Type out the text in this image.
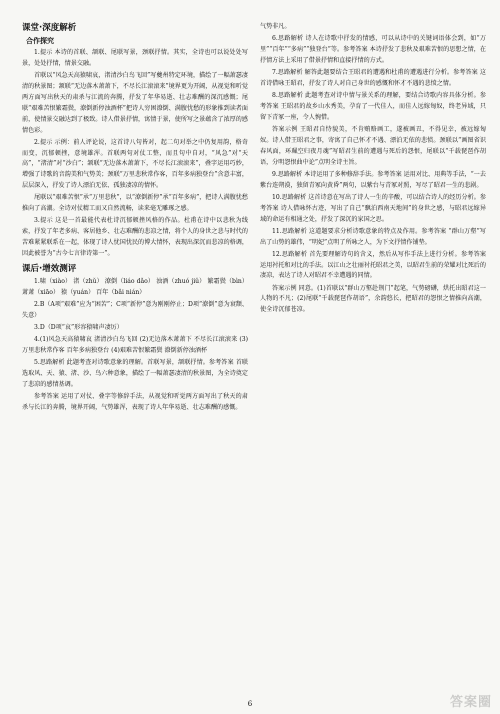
课堂·深度解析
合作探究

1.提示 本诗的首联、颔联、尾联写景，颈联抒情。其实，全诗也可以说处处写景，处处抒情，情景交融。

首联以“风急天高猿啸哀，渚清沙白鸟飞回”写夔州特定环境，描绘了一幅萧瑟凄清的秋景图；颔联“无边落木萧萧下，不尽长江滚滚来”境界更为开阔，从视觉和听觉两方面写出秋天的肃杀与江流的奔腾，抒发了年华易逝、壮志难酬的深沉感慨；尾联“艰难苦恨繁霜鬓，潦倒新停浊酒杯”把诗人穷困潦倒、满腹忧愁的形象推到读者面前，使情景交融达到了极致。诗人借景抒情，寓情于景，使所写之景蕴含了浓厚的感情色彩。

2.提示 示例：前人评论说，这首诗八句皆对，起二句对举之中仍复用韵，格奇而变，沉郁顿挫，意境雄浑。首联两句对仗工整，而且句中自对，“风急”对“天高”，“渚清”对“沙白”；颔联“无边落木萧萧下，不尽长江滚滚来”，叠字运用巧妙，增强了诗歌的音韵美和气势美；颈联“万里悲秋常作客，百年多病独登台”含意丰富，层层深入，抒发了诗人漂泊无依、孤独凄凉的情怀。

尾联以“艰难苦恨”承“万里悲秋”，以“潦倒新停”承“百年多病”，把诗人满腹忧愁推向了高潮。全诗对仗精工而又自然流畅，读来毫无雕琢之感。

3.提示 这是一首最能代表杜诗沉郁顿挫风格的作品。杜甫在诗中以悲秋为线索，抒发了年老多病、客居他乡、壮志难酬的悲凉之情，将个人的身世之悲与时代的苦难紧紧联系在一起，体现了诗人忧国忧民的博大情怀，表现出深沉而悲凉的格调，因此被誉为“古今七言律诗第一”。

课后·增效测评

1.啸（xiào） 渚（zhǔ） 潦倒（liáo dǎo） 浊酒（zhuó jiǔ） 繁霜鬓（bìn） 萧萧（xiāo） 猿（yuán） 百年（bǎi nián）

2.B（A项“艰难”应为“困苦”；C项“新停”意为刚刚停止；D项“潦倒”意为衰颓、失意）

3.D（D项“哀”形容猿啸声凄厉）

4.(1)风急天高猿啸哀 渚清沙白鸟飞回 (2)无边落木萧萧下 不尽长江滚滚来 (3)万里悲秋常作客 百年多病独登台 (4)艰难苦恨繁霜鬓 潦倒新停浊酒杯

5.思路解析 此题考查对诗歌意象的理解。首联写景，颔联抒情。参考答案 首联选取风、天、猿、渚、沙、鸟六种意象，描绘了一幅萧瑟凄清的秋景图，为全诗奠定了悲凉的感情基调。

参考答案 运用了对仗、叠字等修辞手法，从视觉和听觉两方面写出了秋天的肃杀与长江的奔腾，境界开阔，气势雄浑，表现了诗人年华易逝、壮志难酬的感慨。

气势非凡。

6.思路解析 诗人在诗歌中抒发的情感，可以从诗中的关键词语体会到，如“万里”“百年”“多病”“独登台”等。参考答案 本诗抒发了悲秋及艰难苦恨的思想之情，在抒情方法上采用了借景抒情和直接抒情的方式。

7.思路解析 解答此题要结合王昭君的遭遇和杜甫的遭遇进行分析。参考答案 这首诗借咏王昭君，抒发了诗人对自己身世的感慨和怀才不遇的悲愤之情。

8.思路解析 此题考查对诗中情与景关系的理解，要结合诗歌内容具体分析。参考答案 王昭君的故乡山水秀美，孕育了一代佳人，而佳人远嫁匈奴，终老异域，只留下青冢一座，令人惋惜。

答案示例 王昭君自恃貌美，不肯贿赂画工，遂被画丑，不得见幸，被远嫁匈奴。诗人借王昭君之事，寄寓了自己怀才不遇、漂泊无依的悲愤。颈联以“画图省识春风面，环珮空归夜月魂”写昭君生前的遭遇与死后的怨恨，尾联以“千载琵琶作胡语，分明怨恨曲中论”点明全诗主旨。

9.思路解析 本诗运用了多种修辞手法。参考答案 运用对比、用典等手法，“一去紫台连朔漠，独留青冢向黄昏”两句，以紫台与青冢对照，写尽了昭君一生的悲剧。

10.思路解析 这首诗意在写出了诗人一生的辛酸，可以结合诗人的经历分析。参考答案 诗人借咏怀古迹，写出了自己“飘泊西南天地间”的身世之感，与昭君远嫁异域的命运有相通之处，抒发了深沉的家国之思。

11.思路解析 这道题要求分析诗歌意象的特点及作用。参考答案 “群山万壑”写出了山势的雄伟，“明妃”点明了所咏之人，为下文抒情作铺垫。

12.思路解析 首先要理解诗句的含义，然后从写作手法上进行分析。参考答案 运用衬托和对比的手法。以江山之壮丽衬托昭君之美，以昭君生前的荣耀对比死后的凄凉，表达了诗人对昭君不幸遭遇的同情。

答案示例 同意。(1)首联以“群山万壑赴荆门”起笔，气势磅礴，烘托出昭君这一人物的不凡；(2)尾联“千载琵琶作胡语”，余韵悠长，把昭君的怨恨之情推向高潮，使全诗沉郁苍凉。

6	答案圈
